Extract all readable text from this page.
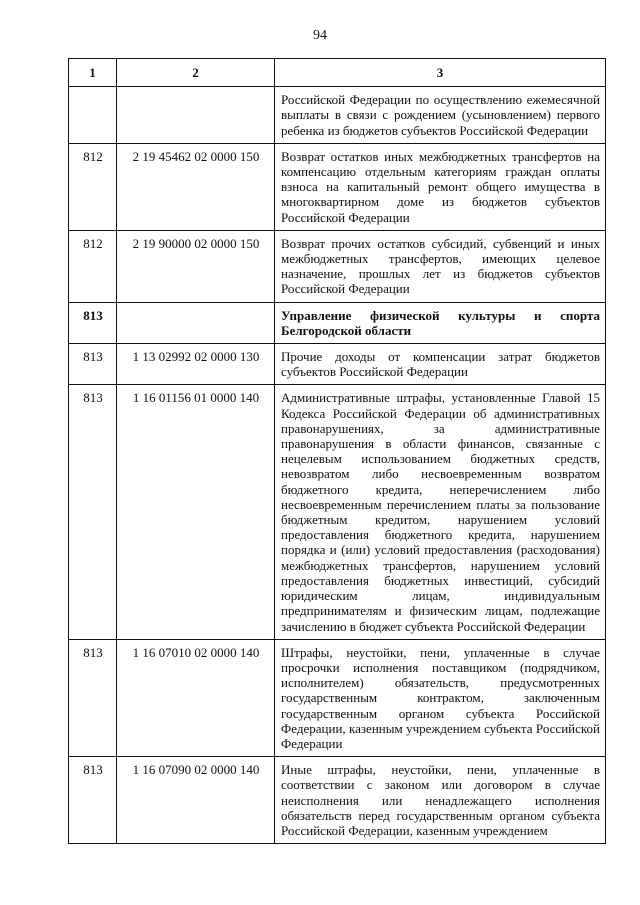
94
1	2	3
		Российской Федерации по осуществлению ежемесячной выплаты в связи с рождением (усыновлением) первого ребенка из бюджетов субъектов Российской Федерации
812	2 19 45462 02 0000 150	Возврат остатков иных межбюджетных трансфертов на компенсацию отдельным категориям граждан оплаты взноса на капитальный ремонт общего имущества в многоквартирном доме из бюджетов субъектов Российской Федерации
812	2 19 90000 02 0000 150	Возврат прочих остатков субсидий, субвенций и иных межбюджетных трансфертов, имеющих целевое назначение, прошлых лет из бюджетов субъектов Российской Федерации
813		Управление физической культуры и спорта Белгородской области
813	1 13 02992 02 0000 130	Прочие доходы от компенсации затрат бюджетов субъектов Российской Федерации
813	1 16 01156 01 0000 140	Административные штрафы, установленные Главой 15 Кодекса Российской Федерации об административных правонарушениях, за административные правонарушения в области финансов, связанные с нецелевым использованием бюджетных средств, невозвратом либо несвоевременным возвратом бюджетного кредита, неперечислением либо несвоевременным перечислением платы за пользование бюджетным кредитом, нарушением условий предоставления бюджетного кредита, нарушением порядка и (или) условий предоставления (расходования) межбюджетных трансфертов, нарушением условий предоставления бюджетных инвестиций, субсидий юридическим лицам, индивидуальным предпринимателям и физическим лицам, подлежащие зачислению в бюджет субъекта Российской Федерации
813	1 16 07010 02 0000 140	Штрафы, неустойки, пени, уплаченные в случае просрочки исполнения поставщиком (подрядчиком, исполнителем) обязательств, предусмотренных государственным контрактом, заключенным государственным органом субъекта Российской Федерации, казенным учреждением субъекта Российской Федерации
813	1 16 07090 02 0000 140	Иные штрафы, неустойки, пени, уплаченные в соответствии с законом или договором в случае неисполнения или ненадлежащего исполнения обязательств перед государственным органом субъекта Российской Федерации, казенным учреждением
